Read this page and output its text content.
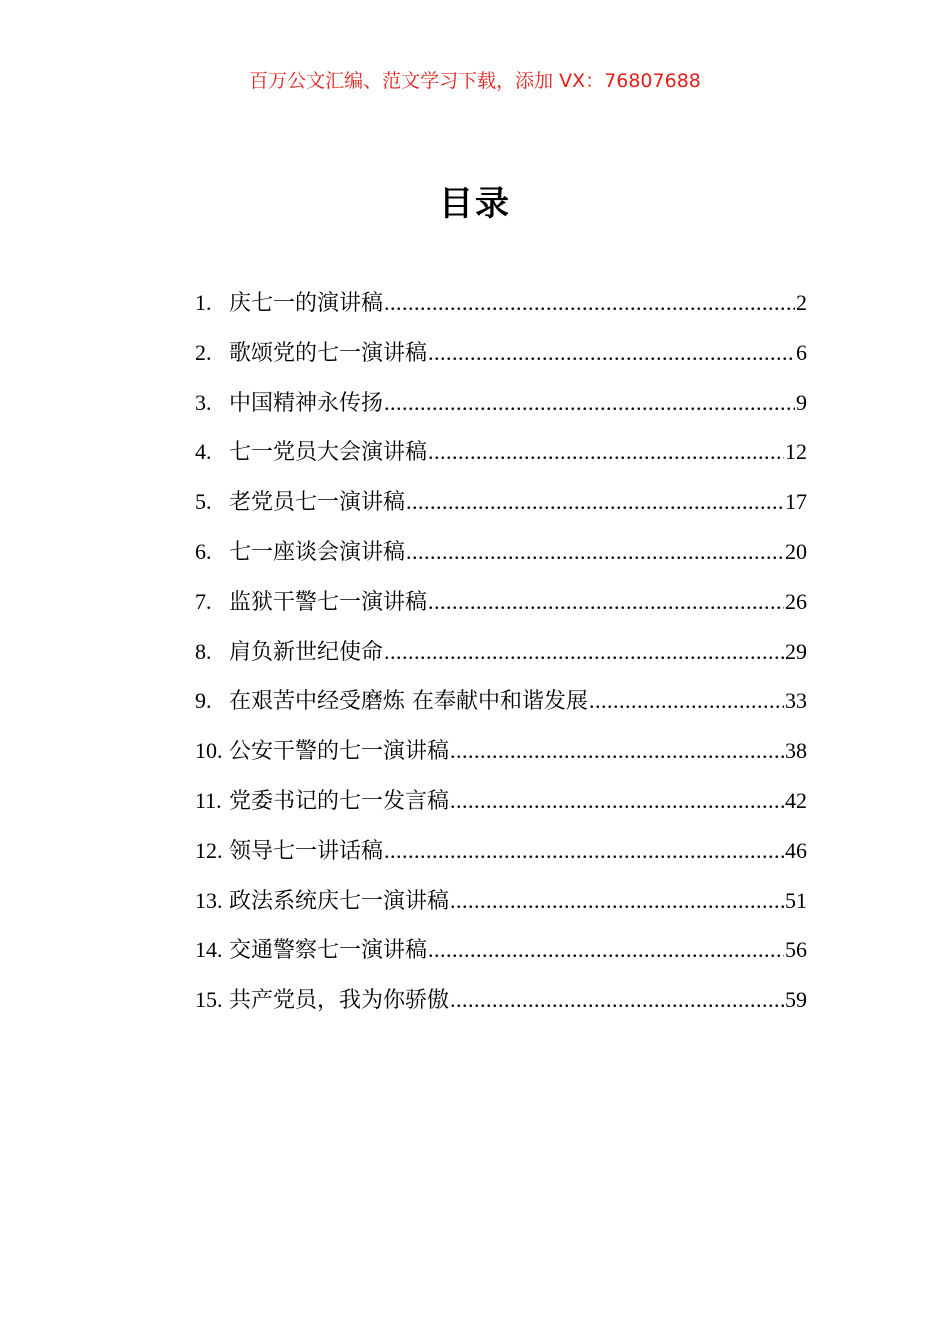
百万公文汇编、范文学习下载，添加 VX：76807688
目录
1. 庆七一的演讲稿 .....	2
2. 歌颂党的七一演讲稿 .....	6
3. 中国精神永传扬 .....	9
4. 七一党员大会演讲稿 .....	12
5. 老党员七一演讲稿 .....	17
6. 七一座谈会演讲稿 .....	20
7. 监狱干警七一演讲稿 .....	26
8. 肩负新世纪使命 .....	29
9. 在艰苦中经受磨炼 在奉献中和谐发展 .....	33
10. 公安干警的七一演讲稿 .....	38
11. 党委书记的七一发言稿 .....	42
12. 领导七一讲话稿 .....	46
13. 政法系统庆七一演讲稿 .....	51
14. 交通警察七一演讲稿 .....	56
15. 共产党员，我为你骄傲 .....	59
